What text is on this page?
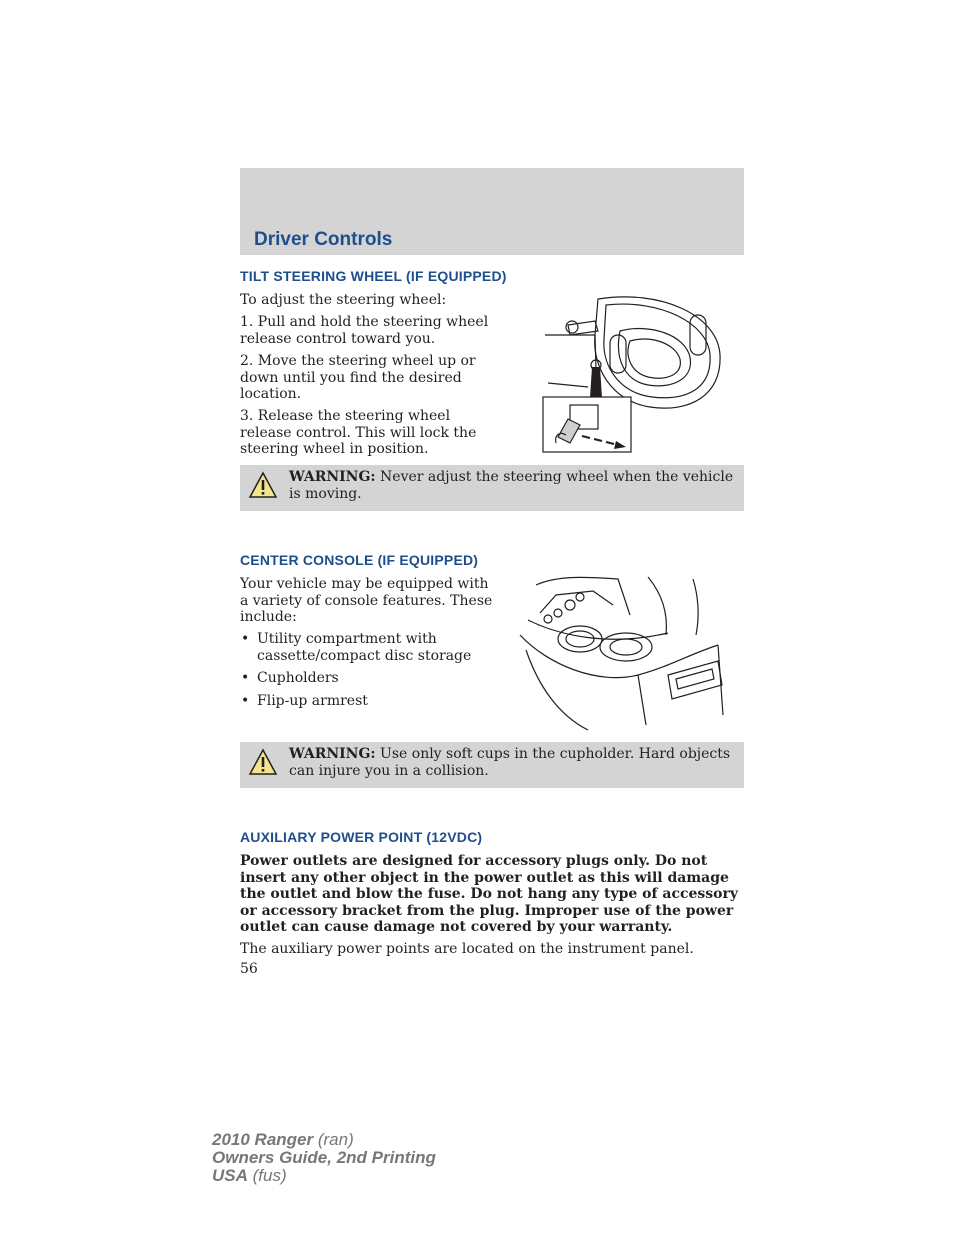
Driver Controls
TILT STEERING WHEEL (IF EQUIPPED)

To adjust the steering wheel:

1. Pull and hold the steering wheel release control toward you.

2. Move the steering wheel up or down until you find the desired location.

3. Release the steering wheel release control. This will lock the steering wheel in position.

WARNING: Never adjust the steering wheel when the vehicle is moving.
CENTER CONSOLE (IF EQUIPPED)

Your vehicle may be equipped with a variety of console features. These include:

• Utility compartment with cassette/compact disc storage
• Cupholders
• Flip-up armrest
WARNING: Use only soft cups in the cupholder. Hard objects can injure you in a collision.
AUXILIARY POWER POINT (12VDC)

Power outlets are designed for accessory plugs only. Do not insert any other object in the power outlet as this will damage the outlet and blow the fuse. Do not hang any type of accessory or accessory bracket from the plug. Improper use of the power outlet can cause damage not covered by your warranty.

The auxiliary power points are located on the instrument panel.

56

2010 Ranger (ran)
Owners Guide, 2nd Printing
USA (fus)
